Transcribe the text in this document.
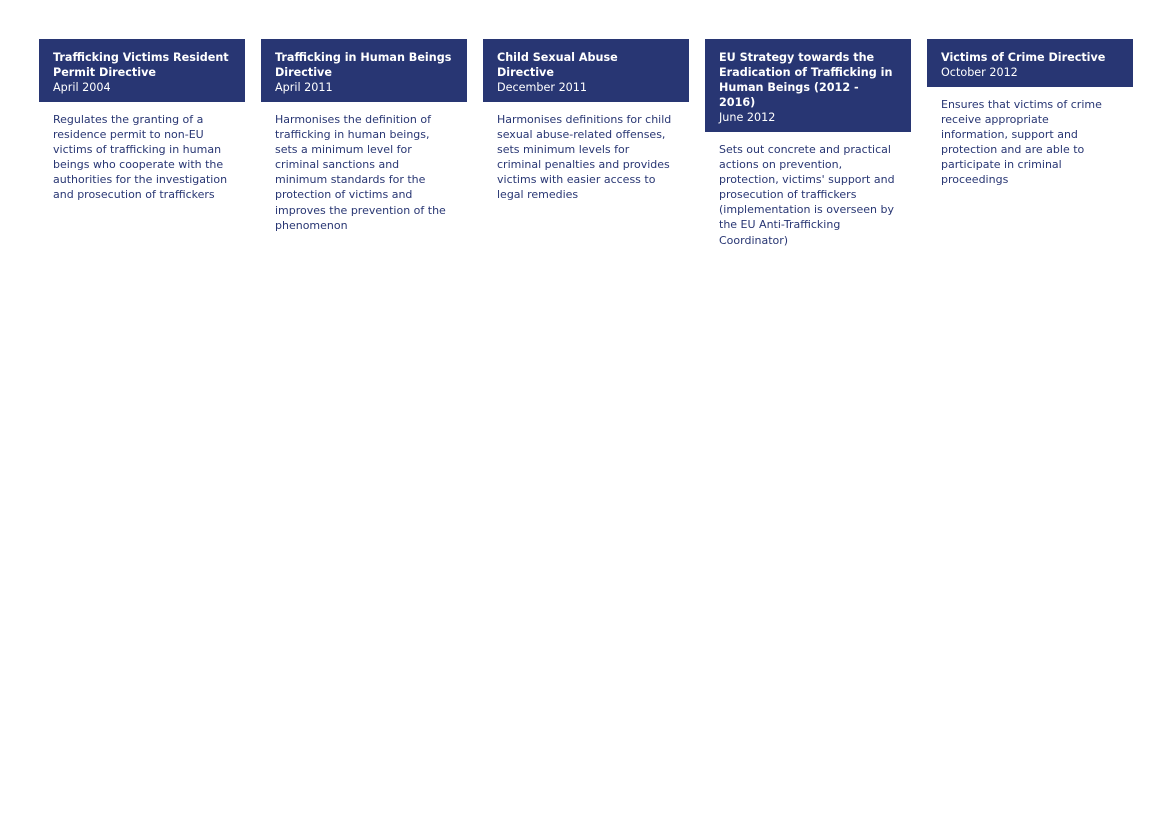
Trafficking Victims Resident Permit Directive
April 2004
Regulates the granting of a residence permit to non-EU victims of trafficking in human beings who cooperate with the authorities for the investigation and prosecution of traffickers
Trafficking in Human Beings Directive
April 2011
Harmonises the definition of trafficking in human beings, sets a minimum level for criminal sanctions and minimum standards for the protection of victims and improves the prevention of the phenomenon
Child Sexual Abuse Directive
December 2011
Harmonises definitions for child sexual abuse-related offenses, sets minimum levels for criminal penalties and provides victims with easier access to legal remedies
EU Strategy towards the Eradication of Trafficking in Human Beings (2012 - 2016)
June 2012
Sets out concrete and practical actions on prevention, protection, victims' support and prosecution of traffickers (implementation is overseen by the EU Anti-Trafficking Coordinator)
Victims of Crime Directive
October 2012
Ensures that victims of crime receive appropriate information, support and protection and are able to participate in criminal proceedings
